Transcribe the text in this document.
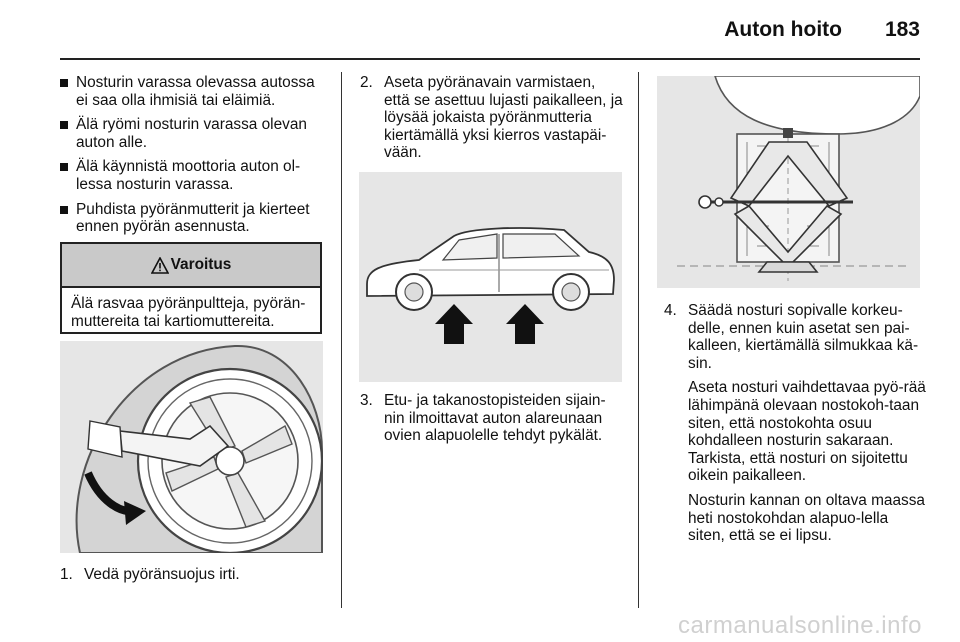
Auton hoito 183
Nosturin varassa olevassa autossa ei saa olla ihmisiä tai eläimiä.
Älä ryömi nosturin varassa olevan auton alle.
Älä käynnistä moottoria auton ol-lessa nosturin varassa.
Puhdista pyöränmutterit ja kierteet ennen pyörän asennusta.
Varoitus
Älä rasvaa pyöränpultteja, pyörän-muttereita tai kartiomuttereita.
1. Vedä pyöränsuojus irti.
2. Aseta pyöränavain varmistaen, että se asettuu lujasti paikalleen, ja löysää jokaista pyöränmutteria kiertämällä yksi kierros vastapäi-vään.
3. Etu- ja takanostopisteiden sijain-nin ilmoittavat auton alareunaan ovien alapuolelle tehdyt pykälät.
4. Säädä nosturi sopivalle korkeu-delle, ennen kuin asetat sen pai-kalleen, kiertämällä silmukkaa kä-sin.
Aseta nosturi vaihdettavaa pyö-rää lähimpänä olevaan nostokoh-taan siten, että nostokohta osuu kohdalleen nosturin sakaraan. Tarkista, että nosturi on sijoitettu oikein paikalleen.
Nosturin kannan on oltava maassa heti nostokohdan alapuo-lella siten, että se ei lipsu.
carmanualsonline.info
